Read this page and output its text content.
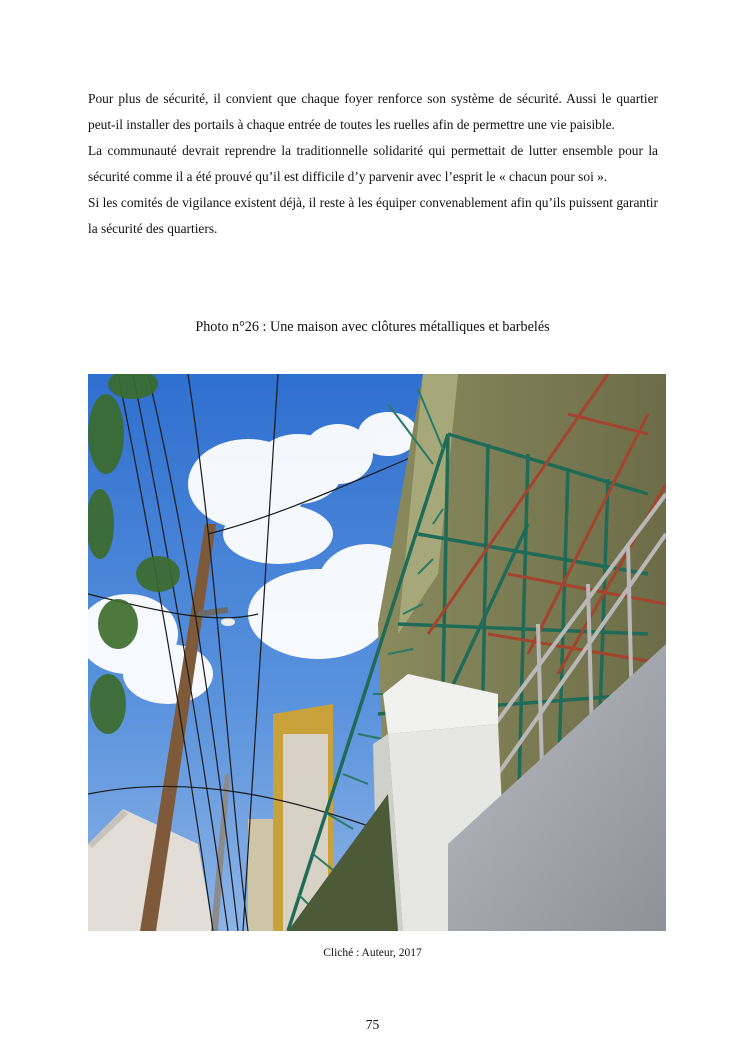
Pour plus de sécurité, il convient que chaque foyer renforce son système de sécurité. Aussi le quartier peut-il installer des portails à chaque entrée de toutes les ruelles afin de permettre une vie paisible.

La communauté devrait reprendre la traditionnelle solidarité qui permettait de lutter ensemble pour la sécurité comme il a été prouvé qu’il est difficile d’y parvenir avec l’esprit le « chacun pour soi ».

Si les comités de vigilance existent déjà, il reste à les équiper convenablement afin qu’ils puissent garantir la sécurité des quartiers.

Photo n°26 : Une maison avec clôtures métalliques et barbelés
Cliché : Auteur, 2017
75
